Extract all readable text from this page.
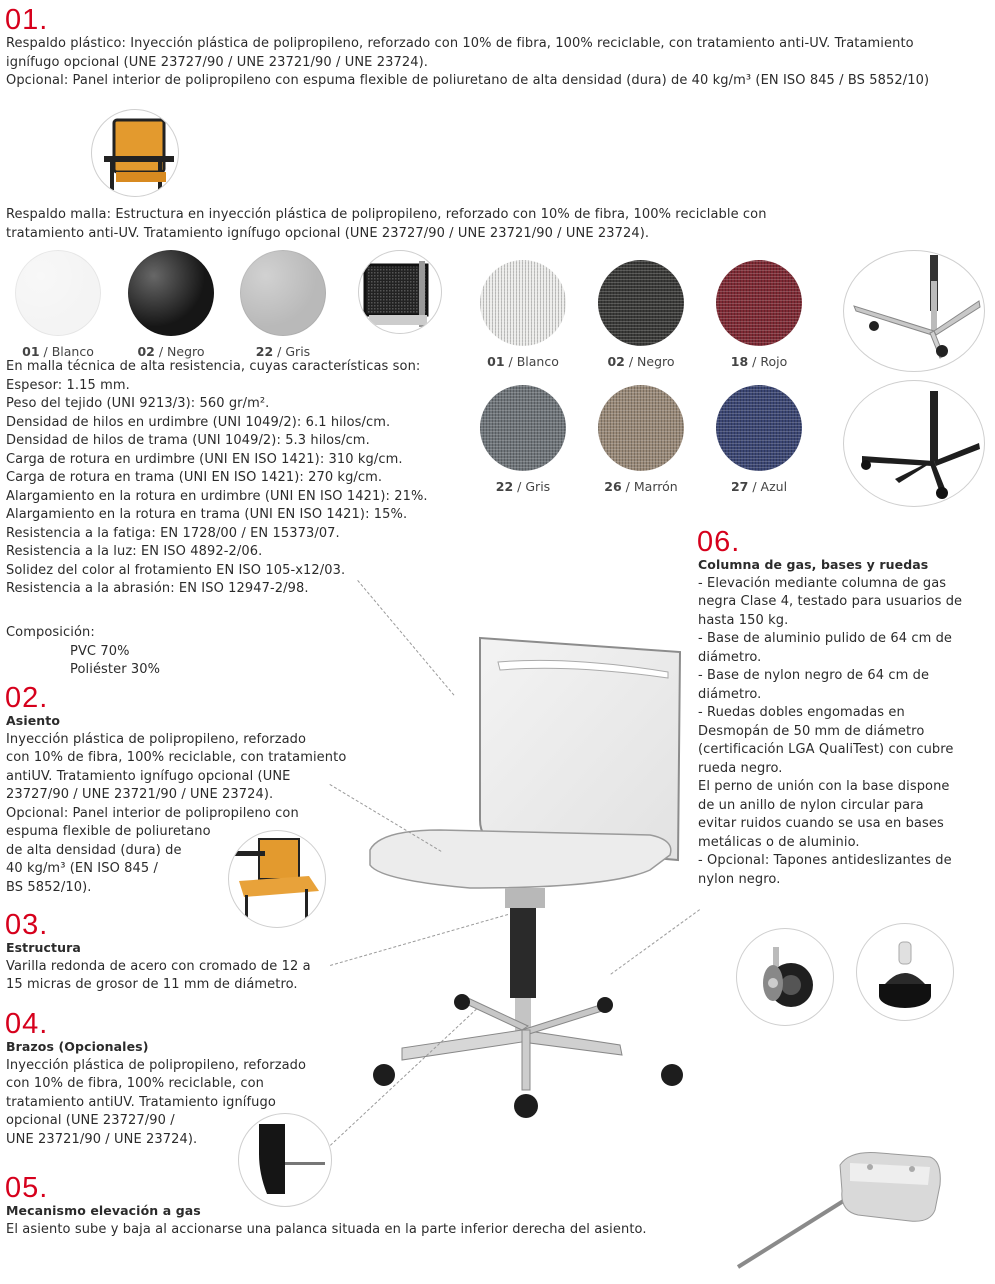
01.
Respaldo plástico: Inyección plástica de polipropileno, reforzado con 10% de fibra, 100% reciclable, con tratamiento anti-UV. Tratamiento
ignífugo opcional (UNE 23727/90 / UNE 23721/90 / UNE 23724).
Opcional: Panel interior de polipropileno con espuma flexible de poliuretano de alta densidad (dura) de 40 kg/m³ (EN ISO 845 / BS 5852/10)
Respaldo malla: Estructura en inyección plástica de polipropileno, reforzado con 10% de fibra, 100% reciclable con
tratamiento anti-UV. Tratamiento ignífugo opcional (UNE 23727/90 / UNE 23721/90 / UNE 23724).
01 / Blanco	02 / Negro	22 / Gris
01 / Blanco	02 / Negro	18 / Rojo
22 / Gris	26 / Marrón	27 / Azul
En malla técnica de alta resistencia, cuyas características son:
Espesor: 1.15 mm.
Peso del tejido (UNI 9213/3): 560 gr/m².
Densidad de hilos en urdimbre (UNI 1049/2): 6.1 hilos/cm.
Densidad de hilos de trama (UNI 1049/2): 5.3 hilos/cm.
Carga de rotura en urdimbre (UNI EN ISO 1421): 310 kg/cm.
Carga de rotura en trama (UNI EN ISO 1421): 270 kg/cm.
Alargamiento en la rotura en urdimbre (UNI EN ISO 1421): 21%.
Alargamiento en la rotura en trama (UNI EN ISO 1421): 15%.
Resistencia a la fatiga: EN 1728/00 / EN 15373/07.
Resistencia a la luz: EN ISO 4892-2/06.
Solidez del color al frotamiento EN ISO 105-x12/03.
Resistencia a la abrasión: EN ISO 12947-2/98.
Composición:
PVC 70%
Poliéster 30%
02.
Asiento
Inyección plástica de polipropileno, reforzado
con 10% de fibra, 100% reciclable, con tratamiento
antiUV. Tratamiento ignífugo opcional (UNE
23727/90 / UNE 23721/90 / UNE 23724).
Opcional: Panel interior de polipropileno con
espuma flexible de poliuretano
de alta densidad (dura) de
40 kg/m³ (EN ISO 845 /
BS 5852/10).
03.
Estructura
Varilla redonda de acero con cromado de 12 a
15 micras de grosor de 11 mm de diámetro.
04.
Brazos (Opcionales)
Inyección plástica de polipropileno, reforzado
con 10% de fibra, 100% reciclable, con
tratamiento antiUV. Tratamiento ignífugo
opcional (UNE 23727/90 /
UNE 23721/90 / UNE 23724).
05.
Mecanismo elevación a gas
El asiento sube y baja al accionarse una palanca situada en la parte inferior derecha del asiento.
06.
Columna de gas, bases y ruedas
- Elevación mediante columna de gas
negra Clase 4, testado para usuarios de
hasta 150 kg.
- Base de aluminio pulido de 64 cm de
diámetro.
- Base de nylon negro de 64 cm de
diámetro.
- Ruedas dobles engomadas en
Desmopán de 50 mm de diámetro
(certificación LGA QualiTest) con cubre
rueda negro.
El perno de unión con la base dispone
de un anillo de nylon circular para
evitar ruidos cuando se usa en bases
metálicas o de aluminio.
- Opcional: Tapones antideslizantes de
nylon negro.
